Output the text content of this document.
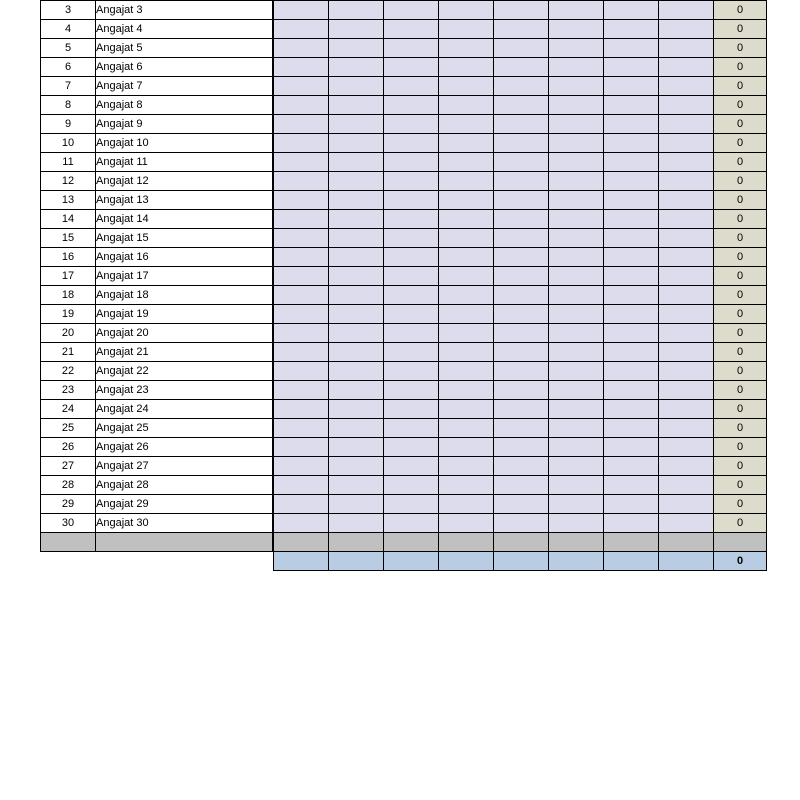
3	Angajat 3										0
4	Angajat 4										0
5	Angajat 5										0
6	Angajat 6										0
7	Angajat 7										0
8	Angajat 8										0
9	Angajat 9										0
10	Angajat 10										0
11	Angajat 11										0
12	Angajat 12										0
13	Angajat 13										0
14	Angajat 14										0
15	Angajat 15										0
16	Angajat 16										0
17	Angajat 17										0
18	Angajat 18										0
19	Angajat 19										0
20	Angajat 20										0
21	Angajat 21										0
22	Angajat 22										0
23	Angajat 23										0
24	Angajat 24										0
25	Angajat 25										0
26	Angajat 26										0
27	Angajat 27										0
28	Angajat 28										0
29	Angajat 29										0
30	Angajat 30										0

											0
